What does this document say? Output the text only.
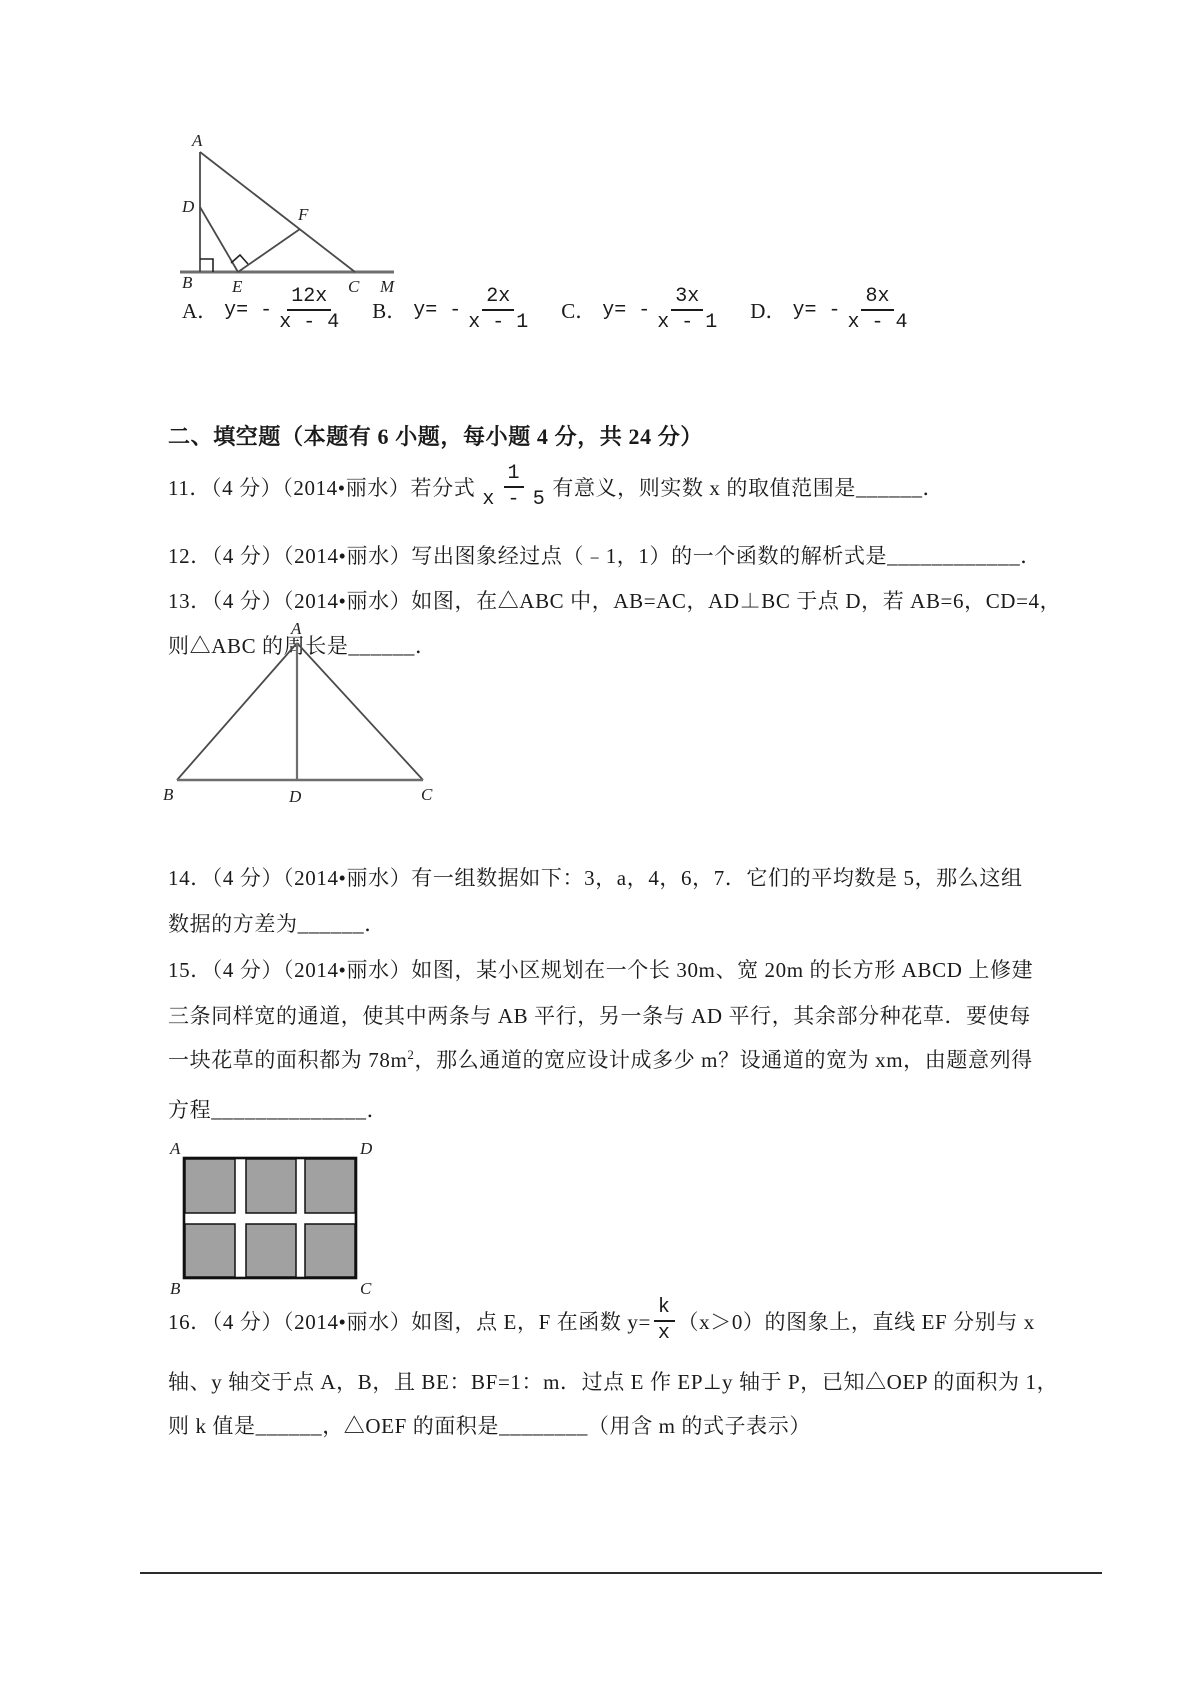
A
D
B E	C M
F
A． $y= - \frac{12x}{x - 4}$ B． $y= - \frac{2x}{x - 1}$ C． $y= - \frac{3x}{x - 1}$ D． $y= - \frac{8x}{x - 4}$
二、填空题（本题有 6 小题，每小题 4 分，共 24 分）
11．（4 分）（2014•丽水）若分式 $\frac{1}{x - 5}$ 有意义，则实数 x 的取值范围是______．
12．（4 分）（2014•丽水）写出图象经过点（﹣1，1）的一个函数的解析式是____________．
13．（4 分）（2014•丽水）如图，在△ABC 中，AB=AC，AD⊥BC 于点 D，若 AB=6，CD=4，
则△ABC 的周长是______．
A
B	D	C
14．（4 分）（2014•丽水）有一组数据如下：3，a，4，6，7．它们的平均数是 5，那么这组
数据的方差为______．
15．（4 分）（2014•丽水）如图，某小区规划在一个长 30m、宽 20m 的长方形 ABCD 上修建
三条同样宽的通道，使其中两条与 AB 平行，另一条与 AD 平行，其余部分种花草．要使每
一块花草的面积都为 $78m^2$，那么通道的宽应设计成多少 m？设通道的宽为 xm，由题意列得
方程______________．
A	D
B	C
16．（4 分）（2014•丽水）如图，点 E，F 在函数 $y= \frac{k}{x} (x>0)$的图象上，直线 EF 分别与 x
轴、y 轴交于点 A，B，且 BE：BF=1：m．过点 E 作 EP⊥y 轴于 P，已知△OEP 的面积为 1，
则 k 值是______，△OEF 的面积是________（用含 m 的式子表示）
